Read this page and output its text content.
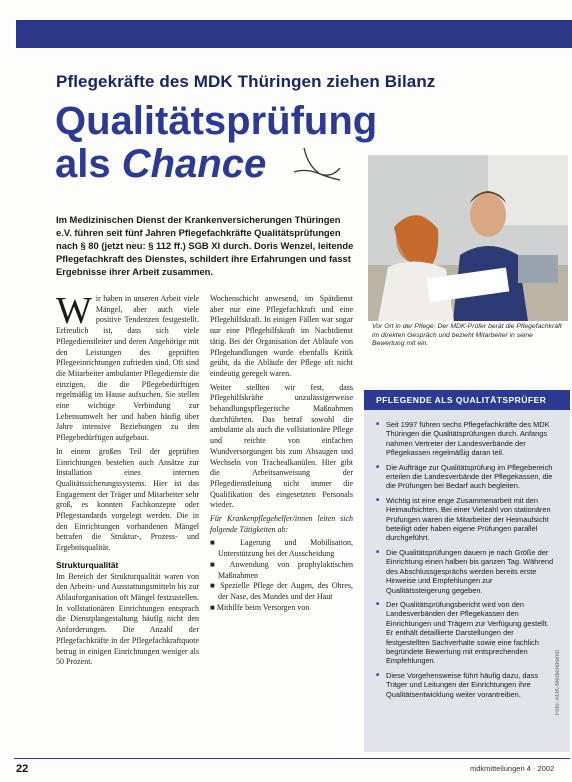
Pflegekräfte des MDK Thüringen ziehen Bilanz
Qualitätsprüfung
als Chance

Im Medizinischen Dienst der Krankenversicherungen Thüringen e.V. führen seit fünf Jahren Pflegefachkräfte Qualitätsprüfungen nach § 80 (jetzt neu: § 112 ff.) SGB XI durch. Doris Wenzel, leitende Pflegefachkraft des Dienstes, schildert ihre Erfahrungen und fasst Ergebnisse ihrer Arbeit zusammen.

Vor Ort in der Pflege: Der MDK-Prüfer berät die Pflegefachkraft im direkten Gespräch und bezieht Mitarbeiter in seine Bewertung mit ein.

Wir haben in unseren Arbeit viele Mängel, aber auch viele positive Tendenzen festgestellt. Erfreulich ist, dass sich viele Pflegedienstleiter und deren Angehörige mit den Leistungen des geprüften Pflegeeinrichtungen zufrieden sind. Oft sind die Mitarbeiter ambulanter Pflegedienste die einzigen, die die Pflegebedürftigen regelmäßig im Hause aufsuchen. Sie stellen eine wichtige Verbindung zur Lebensumwelt her und haben häufig über Jahre intensive Beziehungen zu den Pflegebedürftigen aufgebaut.

In einem großen Teil der geprüften Einrichtungen bestehen auch Ansätze zur Installation eines internen Qualitätssicherungssystems. Hier ist das Engagement der Träger und Mitarbeiter sehr groß, es konnten Fachkonzepte oder Pflegestandards vorgelegt werden. Die in den Einrichtungen vorhandenen Mängel betrafen die Struktur-, Prozess- und Ergebnisqualität.

Strukturqualität

Im Bereich der Strukturqualität waren von den Arbeits- und Ausstattungsmitteln bis zur Ablauforganisation oft Mängel festzustellen. In vollstationären Einrichtungen entsprach die Dienstplangestaltung häufig nicht den Anforderungen. Die Anzahl der Pflegefachkräfte in der Pflegefachkraftquote betrug in einigen Einrichtungen weniger als 50 Prozent.

Wochenschicht anwesend, im Spätdienst aber nur eine Pflegefachkraft und eine Pflegehilfskraft. In einigen Fällen war sogar nur eine Pflegehilfskraft im Nachtdienst tätig. Bei der Organisation der Abläufe von Pflegehandlungen wurde ebenfalls Kritik geübt, da die Abläufe der Pflege oft nicht eindeutig geregelt waren.

Weiter stellten wir fest, dass Pflegehilfskräfte unzulässigerweise behandlungspflegerische Maßnahmen durchführten. Das betraf sowohl die ambulante als auch die vollstationäre Pflege und reichte von einfachen Wundversorgungen bis zum Absaugen und Wechseln von Trachealkanülen. Hier gibt die Arbeitsanweisung der Pflegedienstleitung nicht immer die Qualifikation des eingesetzten Personals wieder.

Für Krankenpflegehelfer/innen leiten sich folgende Tätigkeiten ab:

■ Lagerung und Mobilisation, Unterstützung bei der Ausscheidung
■ Anwendung von prophylaktischen Maßnahmen
■ Spezielle Pflege der Augen, des Ohres, der Nase, des Mundes und der Haut
■ Mithilfe beim Versorgen von
PFLEGENDE ALS QUALITÄTSPRÜFER
■ Seit 1997 führen sechs Pflegefachkräfte des MDK Thüringen die Qualitätsprüfungen durch. Anfangs nahmen Vertreter der Landesverbände der Pflegekassen regelmäßig daran teil.
■ Die Aufträge zur Qualitätsprüfung im Pflegebereich erteilen die Landesverbände der Pflegekassen, die die Prüfungen bei Bedarf auch begleiten.
■ Wichtig ist eine enge Zusammenarbeit mit den Heimaufsichten. Bei einer Vielzahl von stationären Prüfungen waren die Mitarbeiter der Heimaufsicht beteiligt oder haben eigene Prüfungen parallel durchgeführt.
■ Die Qualitätsprüfungen dauern je nach Größe der Einrichtung einen halben bis ganzen Tag. Während des Abschlussgesprächs werden bereits erste Hinweise und Empfehlungen zur Qualitätssteigerung gegeben.
■ Der Qualitätsprüfungsbericht wird von den Landesverbänden der Pflegekassen den Einrichtungen und Trägern zur Verfügung gestellt. Er enthält detaillierte Darstellungen der festgestellten Sachverhalte sowie eine fachlich begründete Bewertung mit entsprechenden Empfehlungen.
■ Diese Vorgehensweise führt häufig dazu, dass Träger und Leitungen der Einrichtungen ihre Qualitätsentwicklung weiter vorantreiben.	Foto: AOK-Mediendienst
22	mdkmitteilungen 4 · 2002
